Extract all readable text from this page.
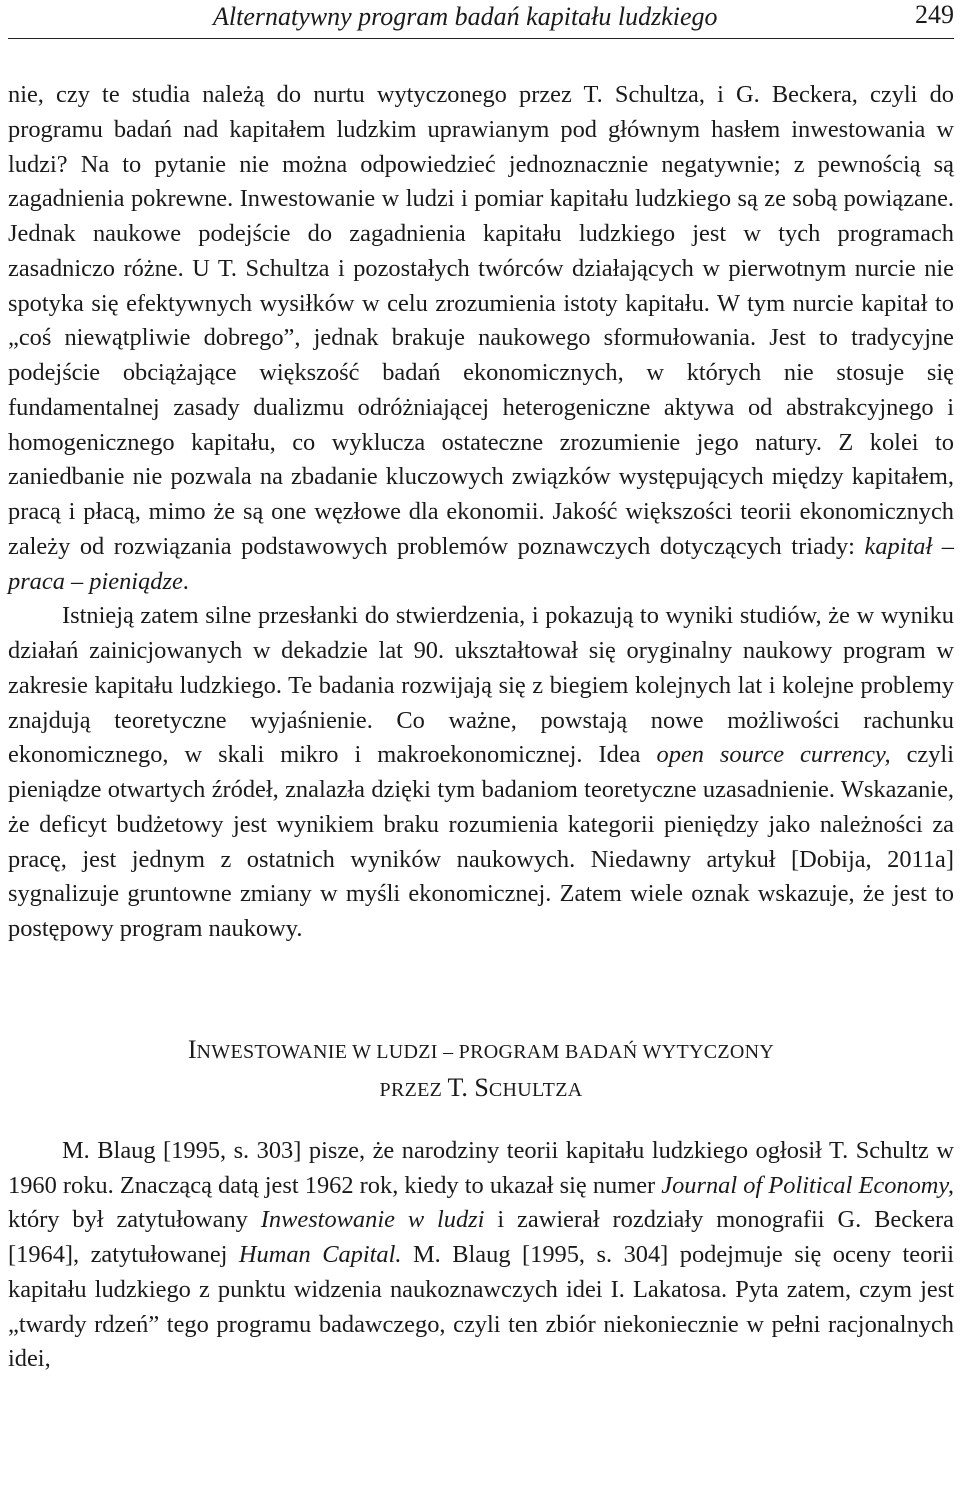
Alternatywny program badań kapitału ludzkiego	249

nie, czy te studia należą do nurtu wytyczonego przez T. Schultza, i G. Beckera, czyli do programu badań nad kapitałem ludzkim uprawianym pod głównym hasłem inwestowania w ludzi? Na to pytanie nie można odpowiedzieć jednoznacznie negatywnie; z pewnością są zagadnienia pokrewne. Inwestowanie w ludzi i pomiar kapitału ludzkiego są ze sobą powiązane. Jednak naukowe podejście do zagadnienia kapitału ludzkiego jest w tych programach zasadniczo różne. U T. Schultza i pozostałych twórców działających w pierwotnym nurcie nie spotyka się efektywnych wysiłków w celu zrozumienia istoty kapitału. W tym nurcie kapitał to „coś niewątpliwie dobrego”, jednak brakuje naukowego sformułowania. Jest to tradycyjne podejście obciążające większość badań ekonomicznych, w których nie stosuje się fundamentalnej zasady dualizmu odróżniającej heterogeniczne aktywa od abstrakcyjnego i homogenicznego kapitału, co wyklucza ostateczne zrozumienie jego natury. Z kolei to zaniedbanie nie pozwala na zbadanie kluczowych związków występujących między kapitałem, pracą i płacą, mimo że są one węzłowe dla ekonomii. Jakość większości teorii ekonomicznych zależy od rozwiązania podstawowych problemów poznawczych dotyczących triady: kapitał – praca – pieniądze.

Istnieją zatem silne przesłanki do stwierdzenia, i pokazują to wyniki studiów, że w wyniku działań zainicjowanych w dekadzie lat 90. ukształtował się oryginalny naukowy program w zakresie kapitału ludzkiego. Te badania rozwijają się z biegiem kolejnych lat i kolejne problemy znajdują teoretyczne wyjaśnienie. Co ważne, powstają nowe możliwości rachunku ekonomicznego, w skali mikro i makroekonomicznej. Idea open source currency, czyli pieniądze otwartych źródeł, znalazła dzięki tym badaniom teoretyczne uzasadnienie. Wskazanie, że deficyt budżetowy jest wynikiem braku rozumienia kategorii pieniędzy jako należności za pracę, jest jednym z ostatnich wyników naukowych. Niedawny artykuł [Dobija, 2011a] sygnalizuje gruntowne zmiany w myśli ekonomicznej. Zatem wiele oznak wskazuje, że jest to postępowy program naukowy.

INWESTOWANIE W LUDZI – PROGRAM BADAŃ WYTYCZONY

PRZEZ T. SCHULTZA

M. Blaug [1995, s. 303] pisze, że narodziny teorii kapitału ludzkiego ogłosił T. Schultz w 1960 roku. Znaczącą datą jest 1962 rok, kiedy to ukazał się numer Journal of Political Economy, który był zatytułowany Inwestowanie w ludzi i zawierał rozdziały monografii G. Beckera [1964], zatytułowanej Human Capital. M. Blaug [1995, s. 304] podejmuje się oceny teorii kapitału ludzkiego z punktu widzenia naukoznawczych idei I. Lakatosa. Pyta zatem, czym jest „twardy rdzeń” tego programu badawczego, czyli ten zbiór niekoniecznie w pełni racjonalnych idei,
